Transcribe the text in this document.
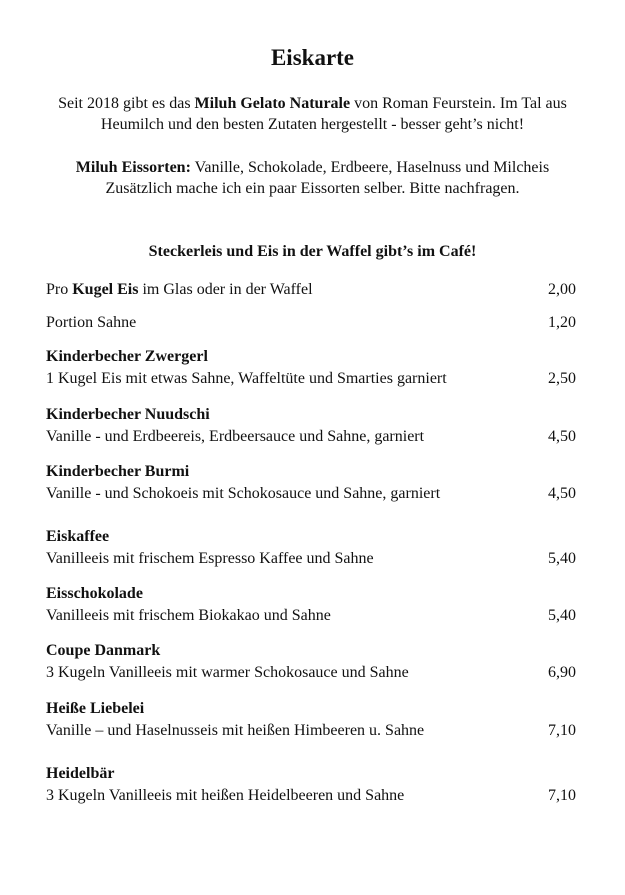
Eiskarte
Seit 2018 gibt es das Miluh Gelato Naturale von Roman Feurstein. Im Tal aus Heumilch und den besten Zutaten hergestellt - besser geht’s nicht!
Miluh Eissorten: Vanille, Schokolade, Erdbeere, Haselnuss und Milcheis
Zusätzlich mache ich ein paar Eissorten selber. Bitte nachfragen.
Steckerleis und Eis in der Waffel gibt’s im Café!
Pro Kugel Eis im Glas oder in der Waffel	2,00
Portion Sahne	1,20
Kinderbecher Zwergerl
1 Kugel Eis mit etwas Sahne, Waffeltüte und Smarties garniert	2,50
Kinderbecher Nuudschi
Vanille - und Erdbeereis, Erdbeersauce und Sahne, garniert	4,50
Kinderbecher Burmi
Vanille - und Schokoeis mit Schokosauce und Sahne, garniert	4,50
Eiskaffee
Vanilleeis mit frischem Espresso Kaffee und Sahne	5,40
Eisschokolade
Vanilleeis mit frischem Biokakao und Sahne	5,40
Coupe Danmark
3 Kugeln Vanilleeis mit warmer Schokosauce und Sahne	6,90
Heiße Liebelei
Vanille – und Haselnusseis mit heißen Himbeeren u. Sahne	7,10
Heidelbär
3 Kugeln Vanilleeis mit heißen Heidelbeeren und Sahne	7,10
